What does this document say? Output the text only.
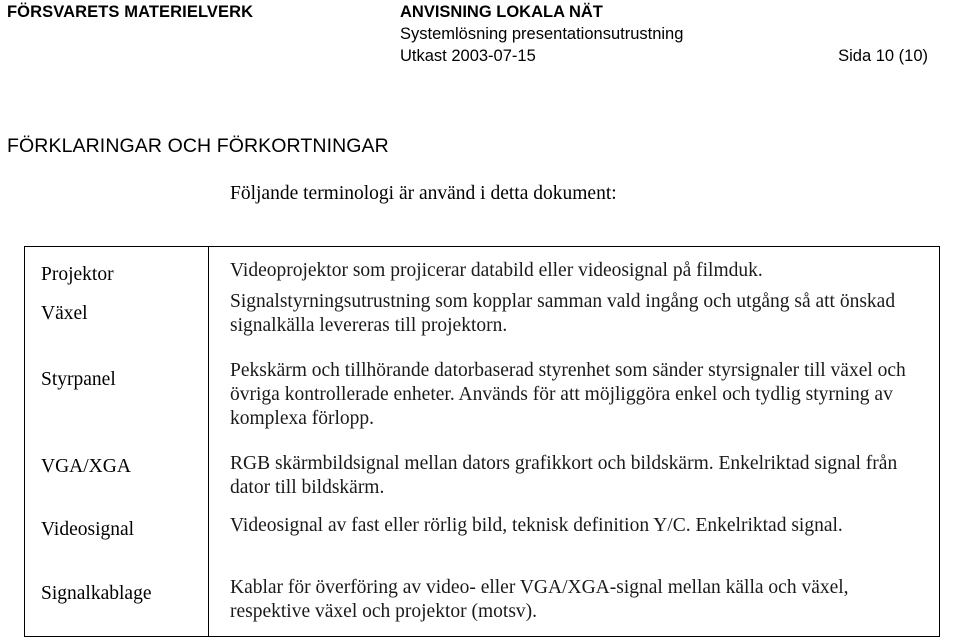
FÖRSVARETS MATERIELVERK	ANVISNING LOKALA NÄT
Systemlösning presentationsutrustning
Utkast 2003-07-15	Sida 10 (10)
FÖRKLARINGAR OCH FÖRKORTNINGAR
Följande terminologi är använd i detta dokument:
Projektor
Växel
Styrpanel
VGA/XGA
Videosignal
Signalkablage
Videoprojektor som projicerar databild eller videosignal på filmduk.
Signalstyrningsutrustning som kopplar samman vald ingång och utgång så att önskad signalkälla levereras till projektorn.
Pekskärm och tillhörande datorbaserad styrenhet som sänder styrsignaler till växel och övriga kontrollerade enheter. Används för att möjliggöra enkel och tydlig styrning av komplexa förlopp.
RGB skärmbildsignal mellan dators grafikkort och bildskärm. Enkelriktad signal från dator till bildskärm.
Videosignal av fast eller rörlig bild, teknisk definition Y/C. Enkelriktad signal.
Kablar för överföring av video- eller VGA/XGA-signal mellan källa och växel, respektive växel och projektor (motsv).
